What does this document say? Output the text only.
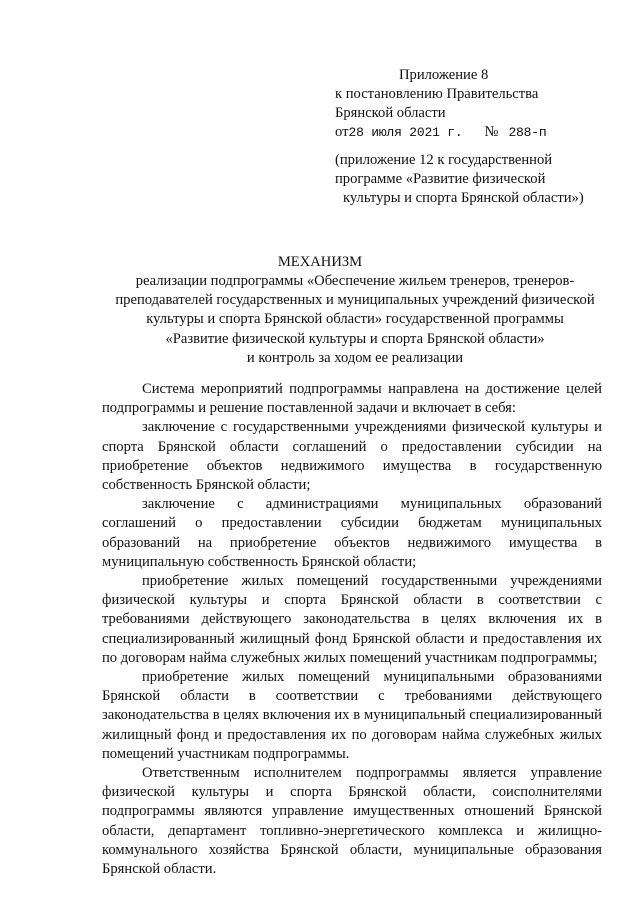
Приложение 8
к постановлению Правительства
Брянской области
от28 июля 2021 г. № 288-п
(приложение 12 к государственной
программе «Развитие физической
культуры и спорта Брянской области»)
МЕХАНИЗМ
реализации подпрограммы «Обеспечение жильем тренеров, тренеров-
преподавателей государственных и муниципальных учреждений физической
культуры и спорта Брянской области» государственной программы
«Развитие физической культуры и спорта Брянской области»
и контроль за ходом ее реализации

Система мероприятий подпрограммы направлена на достижение целей подпрограммы и решение поставленной задачи и включает в себя:

заключение с государственными учреждениями физической культуры и спорта Брянской области соглашений о предоставлении субсидии на приобретение объектов недвижимого имущества в государственную собственность Брянской области;

заключение с администрациями муниципальных образований соглашений о предоставлении субсидии бюджетам муниципальных образований на приобретение объектов недвижимого имущества в муниципальную собственность Брянской области;

приобретение жилых помещений государственными учреждениями физической культуры и спорта Брянской области в соответствии с требованиями действующего законодательства в целях включения их в специализированный жилищный фонд Брянской области и предоставления их по договорам найма служебных жилых помещений участникам подпрограммы;

приобретение жилых помещений муниципальными образованиями Брянской области в соответствии с требованиями действующего законодательства в целях включения их в муниципальный специализированный жилищный фонд и предоставления их по договорам найма служебных жилых помещений участникам подпрограммы.

Ответственным исполнителем подпрограммы является управление физической культуры и спорта Брянской области, соисполнителями подпрограммы являются управление имущественных отношений Брянской области, департамент топливно-энергетического комплекса и жилищно-коммунального хозяйства Брянской области, муниципальные образования Брянской области.
